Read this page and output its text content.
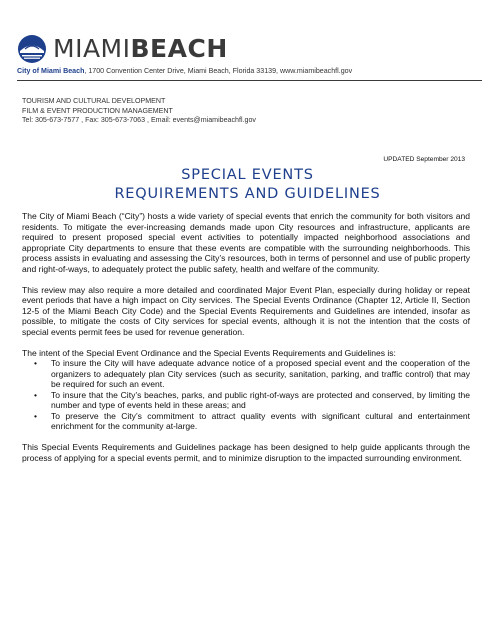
MIAMIBEACH
City of Miami Beach, 1700 Convention Center Drive, Miami Beach, Florida 33139, www.miamibeachfl.gov
TOURISM AND CULTURAL DEVELOPMENT
FILM & EVENT PRODUCTION MANAGEMENT
Tel: 305-673-7577 , Fax: 305-673-7063 , Email: events@miamibeachfl.gov
UPDATED September 2013
SPECIAL EVENTS
REQUIREMENTS AND GUIDELINES

The City of Miami Beach (“City”) hosts a wide variety of special events that enrich the community for both visitors and residents. To mitigate the ever-increasing demands made upon City resources and infrastructure, applicants are required to present proposed special event activities to potentially impacted neighborhood associations and appropriate City departments to ensure that these events are compatible with the surrounding neighborhoods. This process assists in evaluating and assessing the City’s resources, both in terms of personnel and use of public property and right-of-ways, to adequately protect the public safety, health and welfare of the community.

This review may also require a more detailed and coordinated Major Event Plan, especially during holiday or repeat event periods that have a high impact on City services. The Special Events Ordinance (Chapter 12, Article II, Section 12-5 of the Miami Beach City Code) and the Special Events Requirements and Guidelines are intended, insofar as possible, to mitigate the costs of City services for special events, although it is not the intention that the costs of special events permit fees be used for revenue generation.

The intent of the Special Event Ordinance and the Special Events Requirements and Guidelines is:

• To insure the City will have adequate advance notice of a proposed special event and the cooperation of the organizers to adequately plan City services (such as security, sanitation, parking, and traffic control) that may be required for such an event.
• To insure that the City’s beaches, parks, and public right-of-ways are protected and conserved, by limiting the number and type of events held in these areas; and
• To preserve the City’s commitment to attract quality events with significant cultural and entertainment enrichment for the community at-large.

This Special Events Requirements and Guidelines package has been designed to help guide applicants through the process of applying for a special events permit, and to minimize disruption to the impacted surrounding environment.
